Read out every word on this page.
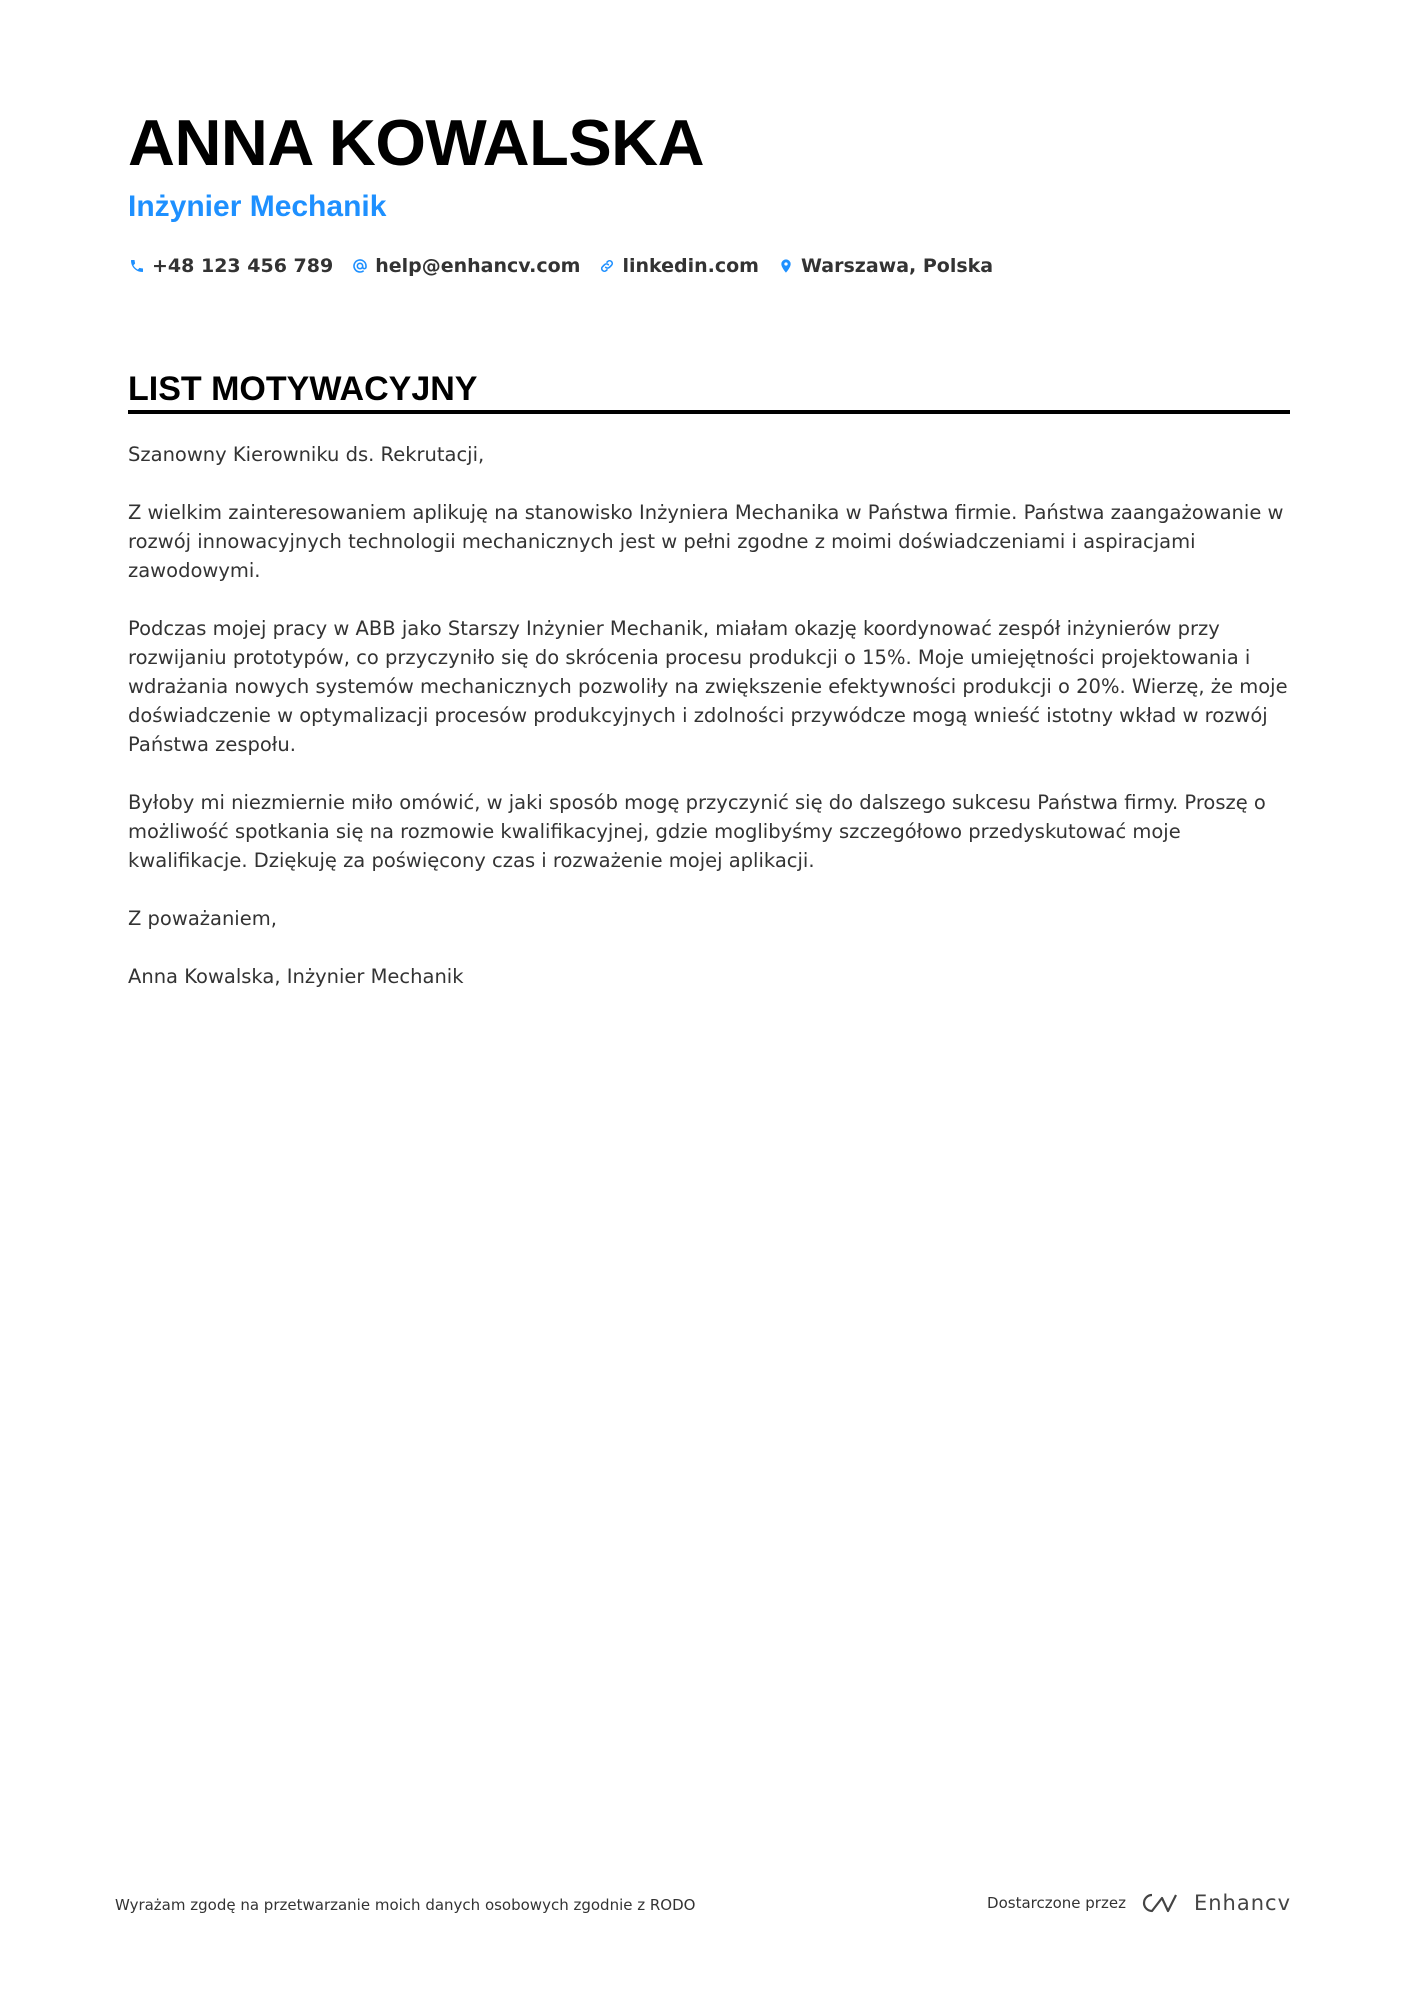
ANNA KOWALSKA
Inżynier Mechanik
+48 123 456 789 help@enhancv.com linkedin.com Warszawa, Polska
LIST MOTYWACYJNY

Szanowny Kierowniku ds. Rekrutacji,

Z wielkim zainteresowaniem aplikuję na stanowisko Inżyniera Mechanika w Państwa firmie. Państwa zaangażowanie w rozwój innowacyjnych technologii mechanicznych jest w pełni zgodne z moimi doświadczeniami i aspiracjami zawodowymi.

Podczas mojej pracy w ABB jako Starszy Inżynier Mechanik, miałam okazję koordynować zespół inżynierów przy rozwijaniu prototypów, co przyczyniło się do skrócenia procesu produkcji o 15%. Moje umiejętności projektowania i wdrażania nowych systemów mechanicznych pozwoliły na zwiększenie efektywności produkcji o 20%. Wierzę, że moje doświadczenie w optymalizacji procesów produkcyjnych i zdolności przywódcze mogą wnieść istotny wkład w rozwój Państwa zespołu.

Byłoby mi niezmiernie miło omówić, w jaki sposób mogę przyczynić się do dalszego sukcesu Państwa firmy. Proszę o możliwość spotkania się na rozmowie kwalifikacyjnej, gdzie moglibyśmy szczegółowo przedyskutować moje kwalifikacje. Dziękuję za poświęcony czas i rozważenie mojej aplikacji.

Z poważaniem,

Anna Kowalska, Inżynier Mechanik

Wyrażam zgodę na przetwarzanie moich danych osobowych zgodnie z RODO	Dostarczone przez	Enhancv
